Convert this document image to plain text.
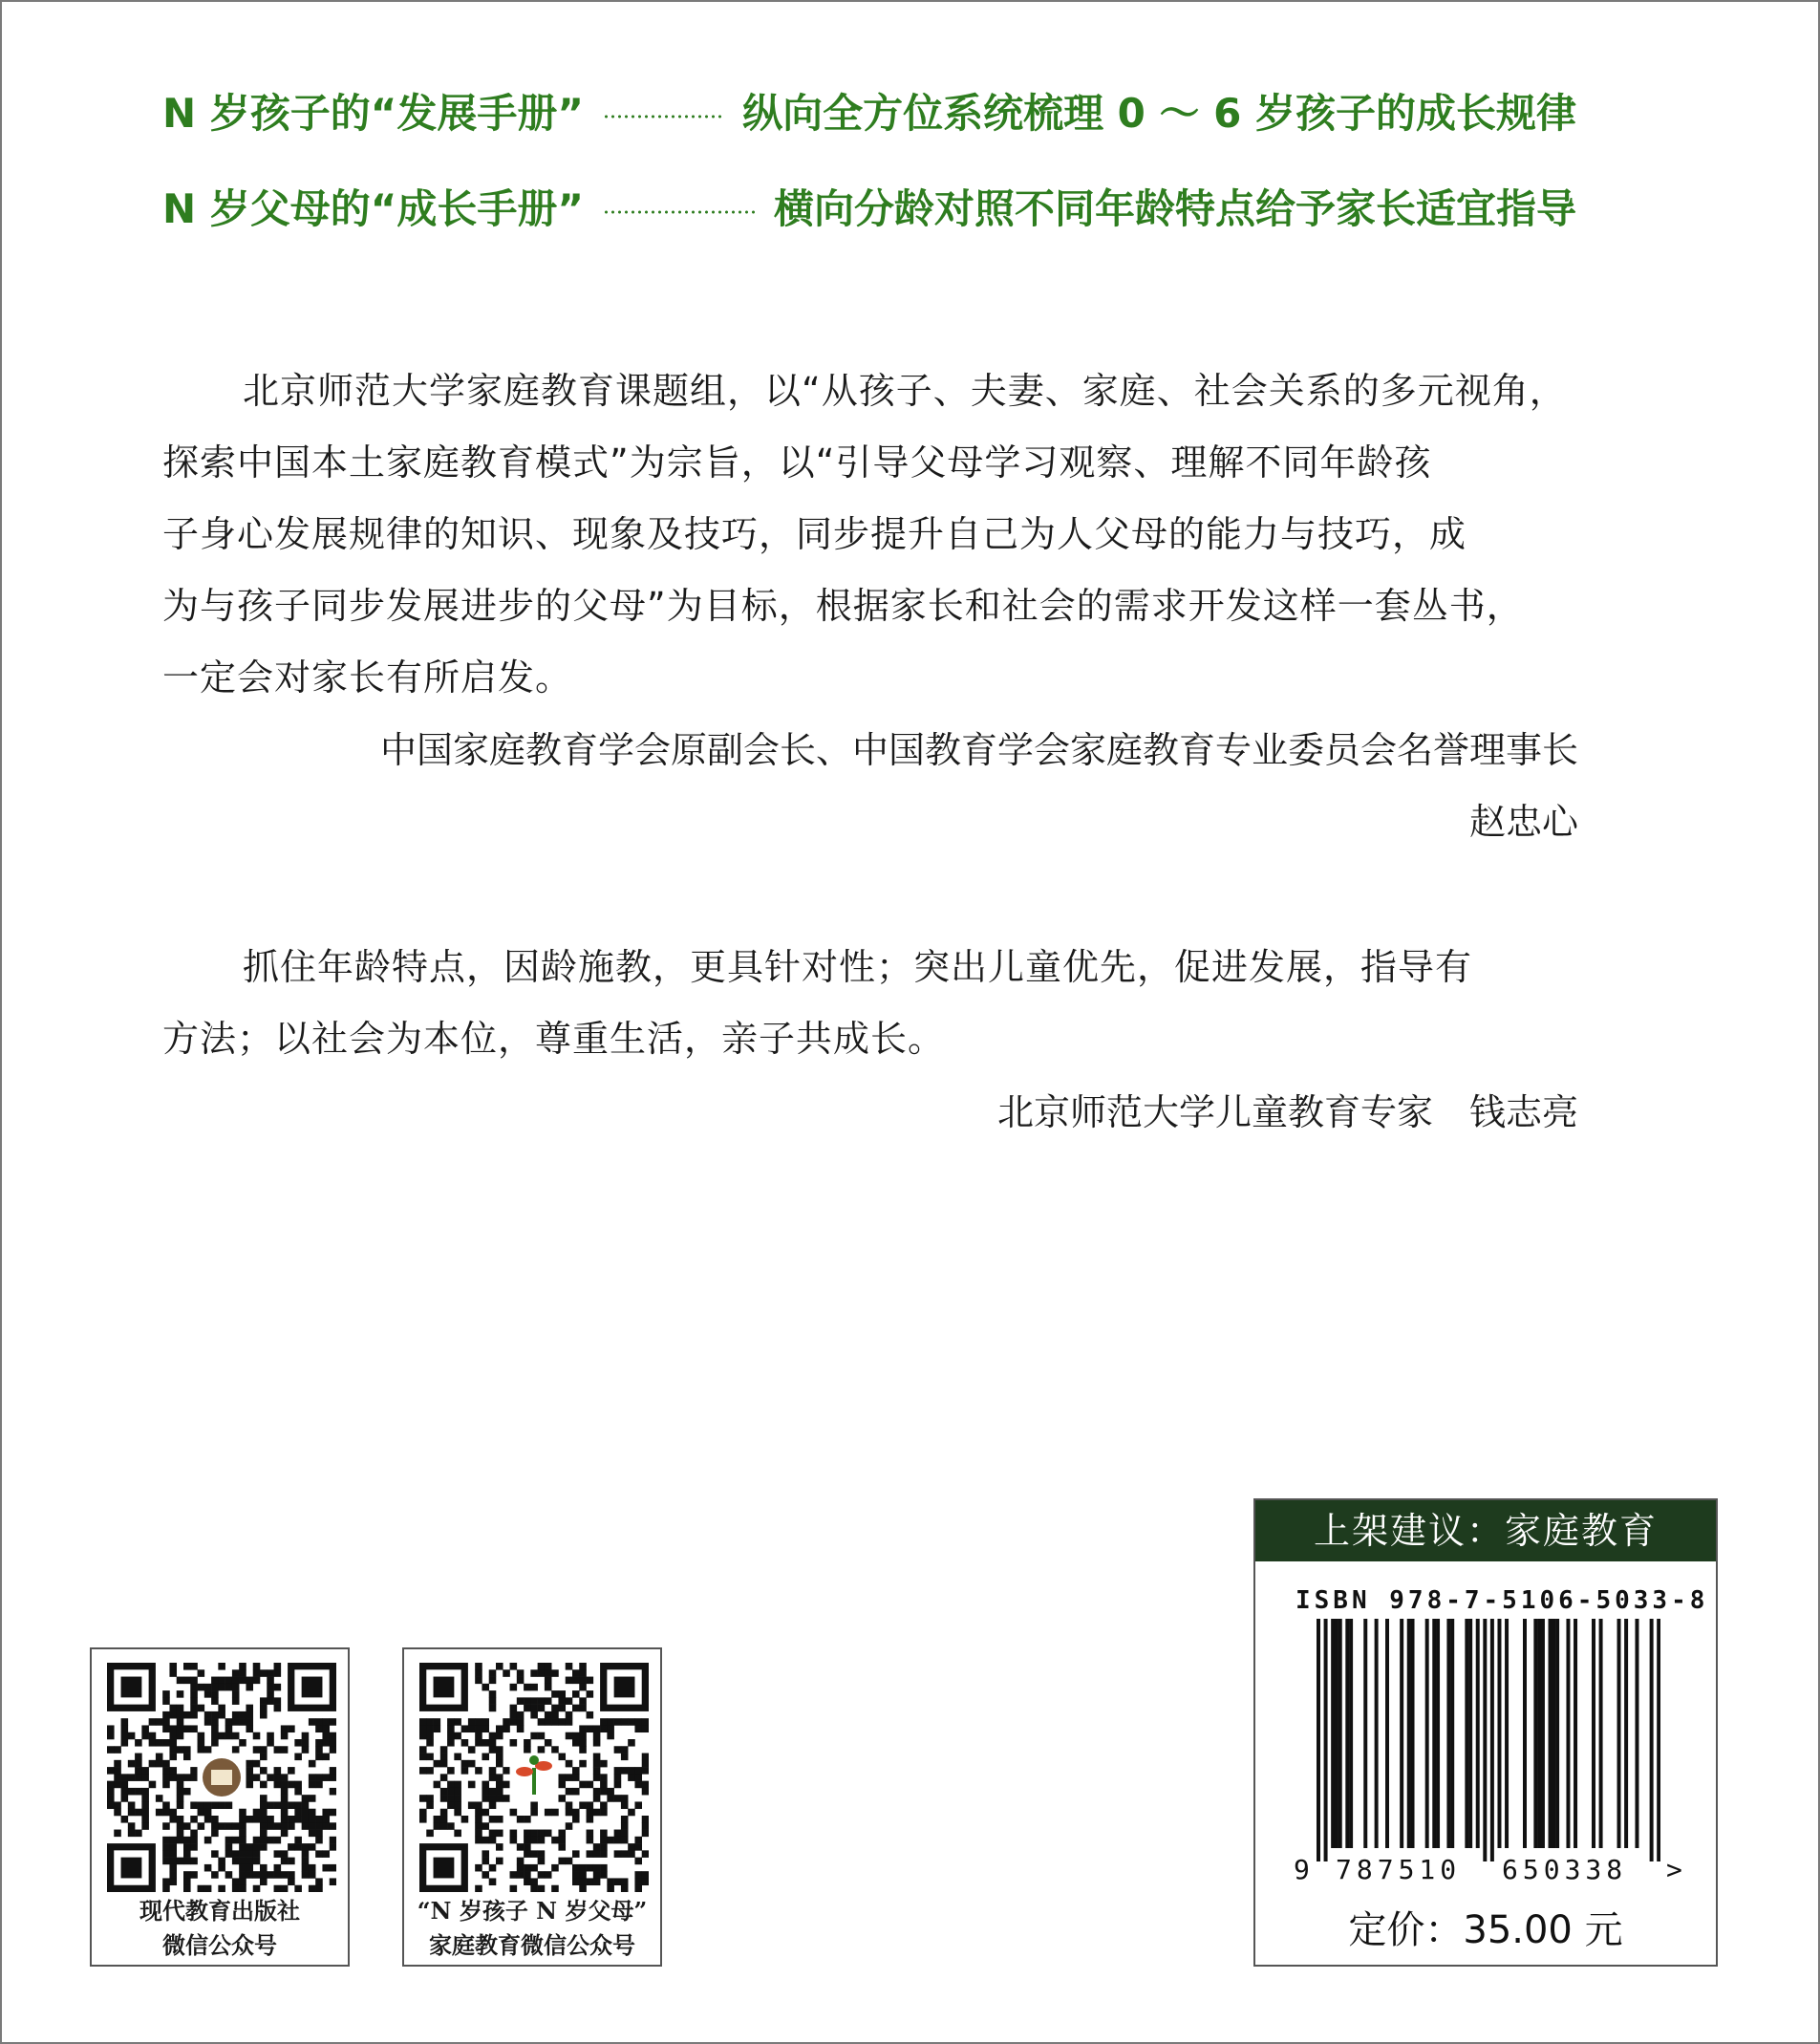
N 岁孩子的“发展手册”	纵向全方位系统梳理 0 ～ 6 岁孩子的成长规律
N 岁父母的“成长手册”	横向分龄对照不同年龄特点给予家长适宜指导
北京师范大学家庭教育课题组，以“从孩子、夫妻、家庭、社会关系的多元视角，
探索中国本土家庭教育模式”为宗旨，以“引导父母学习观察、理解不同年龄孩
子身心发展规律的知识、现象及技巧，同步提升自己为人父母的能力与技巧，成
为与孩子同步发展进步的父母”为目标，根据家长和社会的需求开发这样一套丛书，
一定会对家长有所启发。
中国家庭教育学会原副会长、中国教育学会家庭教育专业委员会名誉理事长
赵忠心
抓住年龄特点，因龄施教，更具针对性；突出儿童优先，促进发展，指导有
方法；以社会为本位，尊重生活，亲子共成长。
北京师范大学儿童教育专家　钱志亮
现代教育出版社
微信公众号
“N 岁孩子 N 岁父母”
家庭教育微信公众号
上架建议：家庭教育
ISBN 978-7-5106-5033-8
9 787510 650338 >
定价：35.00 元
